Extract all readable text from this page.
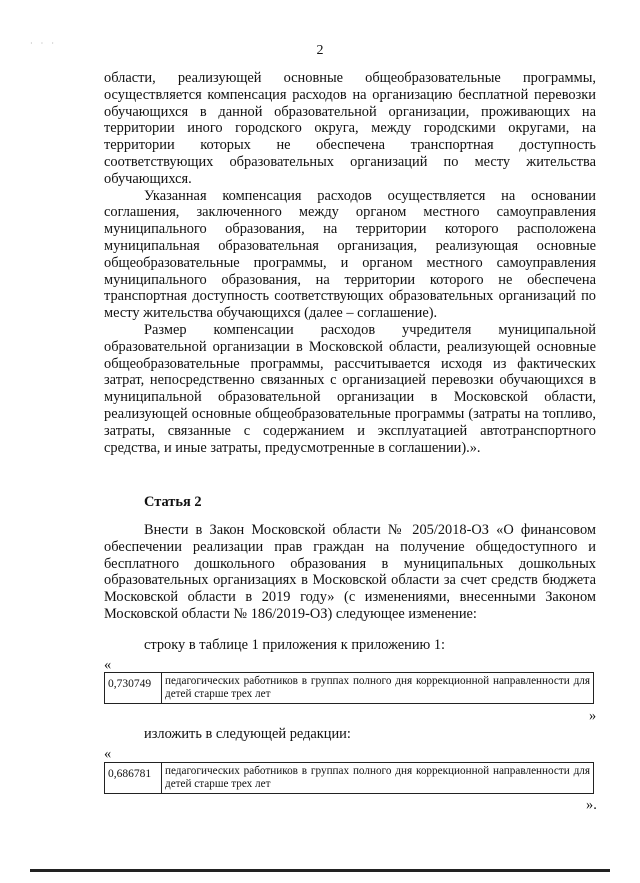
· · ·	2

области, реализующей основные общеобразовательные программы, осуществляется компенсация расходов на организацию бесплатной перевозки обучающихся в данной образовательной организации, проживающих на территории иного городского округа, между городскими округами, на территории которых не обеспечена транспортная доступность соответствующих образовательных организаций по месту жительства обучающихся.

Указанная компенсация расходов осуществляется на основании соглашения, заключенного между органом местного самоуправления муниципального образования, на территории которого расположена муниципальная образовательная организация, реализующая основные общеобразовательные программы, и органом местного самоуправления муниципального образования, на территории которого не обеспечена транспортная доступность соответствующих образовательных организаций по месту жительства обучающихся (далее – соглашение).

Размер компенсации расходов учредителя муниципальной образовательной организации в Московской области, реализующей основные общеобразовательные программы, рассчитывается исходя из фактических затрат, непосредственно связанных с организацией перевозки обучающихся в муниципальной образовательной организации в Московской области, реализующей основные общеобразовательные программы (затраты на топливо, затраты, связанные с содержанием и эксплуатацией автотранспортного средства, и иные затраты, предусмотренные в соглашении).».

Статья 2

Внести в Закон Московской области № 205/2018-ОЗ «О финансовом обеспечении реализации прав граждан на получение общедоступного и бесплатного дошкольного образования в муниципальных дошкольных образовательных организациях в Московской области за счет средств бюджета Московской области в 2019 году» (с изменениями, внесенными Законом Московской области № 186/2019-ОЗ) следующее изменение:

строку в таблице 1 приложения к приложению 1:
«
0,730749	педагогических работников в группах полного дня коррекционной направленности для детей старше трех лет
»
изложить в следующей редакции:
«
0,686781	педагогических работников в группах полного дня коррекционной направленности для детей старше трех лет
».
